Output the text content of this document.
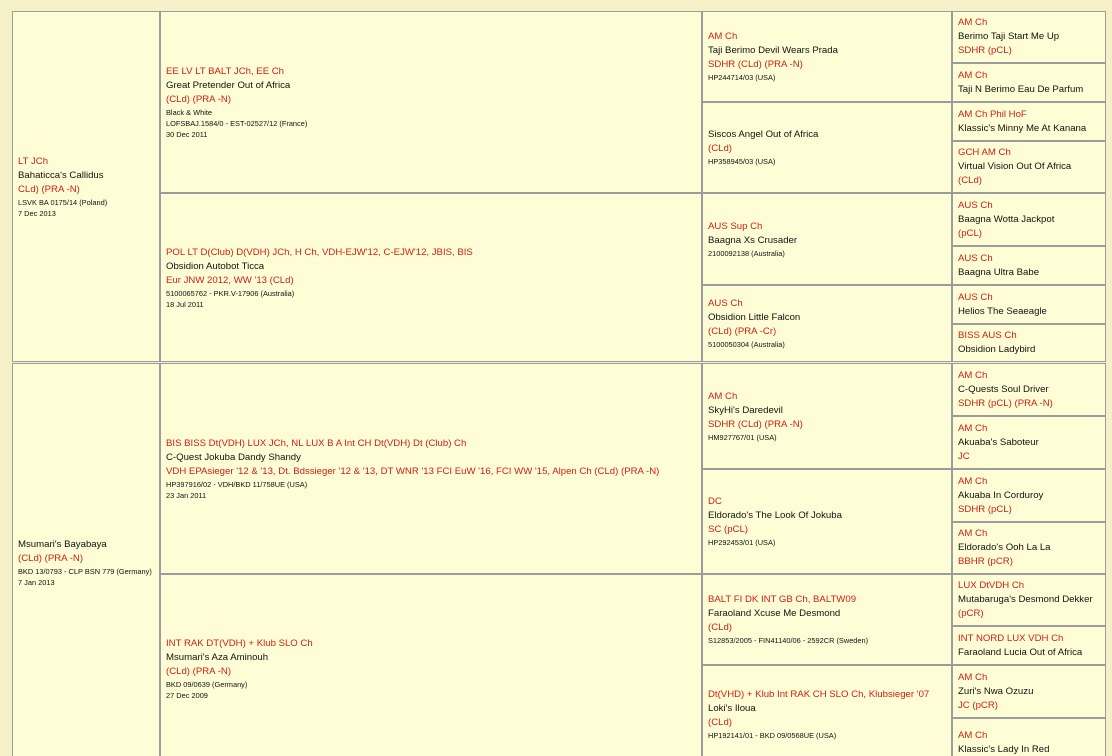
LT JCh
Bahaticca's Callidus
CLd) (PRA -N)
LSVK BA 0175/14 (Poland)
7 Dec 2013
Msumari's Bayabaya
(CLd) (PRA -N)
BKD 13/0793 - CLP BSN 779 (Germany)
7 Jan 2013
EE LV LT BALT JCh, EE Ch
Great Pretender Out of Africa
(CLd) (PRA -N)
Black & White
LOFSBAJ.1584/0 - EST-02527/12 (France)
30 Dec 2011
POL LT D(Club) D(VDH) JCh, H Ch, VDH-EJW'12, C-EJW'12, JBIS, BIS
Obsidion Autobot Ticca
Eur JNW 2012, WW '13 (CLd)
5100065762 - PKR.V-17906 (Australia)
18 Jul 2011
BIS BISS Dt(VDH) LUX JCh, NL LUX B A Int CH Dt(VDH) Dt (Club) Ch
C-Quest Jokuba Dandy Shandy
VDH EPAsieger '12 & '13, Dt. Bdssieger '12 & '13, DT WNR '13 FCI EuW '16, FCI WW '15, Alpen Ch (CLd) (PRA -N)
HP397916/02 - VDH/BKD 11/758UE (USA)
23 Jan 2011
INT RAK DT(VDH) + Klub SLO Ch
Msumari's Aza Aminouh
(CLd) (PRA -N)
BKD 09/0639 (Germany)
27 Dec 2009
AM Ch
Taji Berimo Devil Wears Prada
SDHR (CLd) (PRA -N)
HP244714/03 (USA)
Siscos Angel Out of Africa
(CLd)
HP358945/03 (USA)
AUS Sup Ch
Baagna Xs Crusader
2100092138 (Australia)
AUS Ch
Obsidion Little Falcon
(CLd) (PRA -Cr)
5100050304 (Australia)
AM Ch
SkyHi's Daredevil
SDHR (CLd) (PRA -N)
HM927767/01 (USA)
DC
Eldorado's The Look Of Jokuba
SC (pCL)
HP292453/01 (USA)
BALT FI DK INT GB Ch, BALTW09
Faraoland Xcuse Me Desmond
(CLd)
S12853/2005 - FIN41140/06 - 2592CR (Sweden)
Dt(VHD) + Klub Int RAK CH SLO Ch, Klubsieger '07
Loki's Iloua
(CLd)
HP192141/01 - BKD 09/0568UE (USA)
AM Ch
Berimo Taji Start Me Up
SDHR (pCL)
AM Ch
Taji N Berimo Eau De Parfum
AM Ch Phil HoF
Klassic's Minny Me At Kanana
GCH AM Ch
Virtual Vision Out Of Africa
(CLd)
AUS Ch
Baagna Wotta Jackpot
(pCL)
AUS Ch
Baagna Ultra Babe
AUS Ch
Helios The Seaeagle
BISS AUS Ch
Obsidion Ladybird
AM Ch
C-Quests Soul Driver
SDHR (pCL) (PRA -N)
AM Ch
Akuaba's Saboteur
JC
AM Ch
Akuaba In Corduroy
SDHR (pCL)
AM Ch
Eldorado's Ooh La La
BBHR (pCR)
LUX DtVDH Ch
Mutabaruga's Desmond Dekker
(pCR)
INT NORD LUX VDH Ch
Faraoland Lucia Out of Africa
AM Ch
Zuri's Nwa Ozuzu
JC (pCR)
AM Ch
Klassic's Lady In Red
